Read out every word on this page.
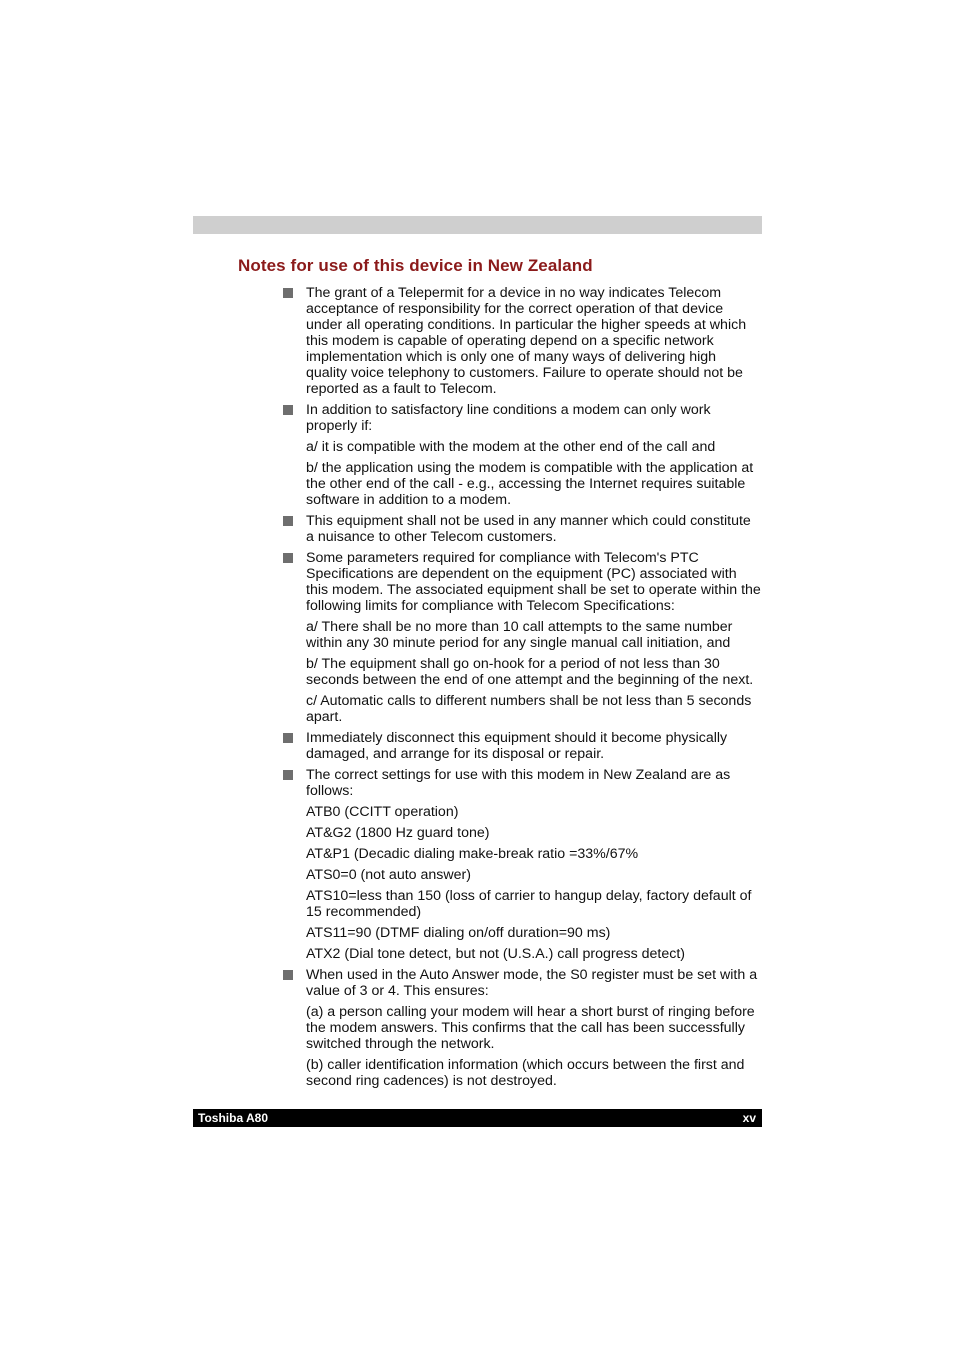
Notes for use of this device in New Zealand
The grant of a Telepermit for a device in no way indicates Telecom acceptance of responsibility for the correct operation of that device under all operating conditions. In particular the higher speeds at which this modem is capable of operating depend on a specific network implementation which is only one of many ways of delivering high quality voice telephony to customers. Failure to operate should not be reported as a fault to Telecom.
In addition to satisfactory line conditions a modem can only work properly if:
a/ it is compatible with the modem at the other end of the call and
b/ the application using the modem is compatible with the application at the other end of the call - e.g., accessing the Internet requires suitable software in addition to a modem.
This equipment shall not be used in any manner which could constitute a nuisance to other Telecom customers.
Some parameters required for compliance with Telecom's PTC Specifications are dependent on the equipment (PC) associated with this modem. The associated equipment shall be set to operate within the following limits for compliance with Telecom Specifications:
a/ There shall be no more than 10 call attempts to the same number within any 30 minute period for any single manual call initiation, and
b/ The equipment shall go on-hook for a period of not less than 30 seconds between the end of one attempt and the beginning of the next.
c/ Automatic calls to different numbers shall be not less than 5 seconds apart.
Immediately disconnect this equipment should it become physically damaged, and arrange for its disposal or repair.
The correct settings for use with this modem in New Zealand are as follows:
ATB0 (CCITT operation)
AT&G2 (1800 Hz guard tone)
AT&P1 (Decadic dialing make-break ratio =33%/67%
ATS0=0 (not auto answer)
ATS10=less than 150 (loss of carrier to hangup delay, factory default of 15 recommended)
ATS11=90 (DTMF dialing on/off duration=90 ms)
ATX2 (Dial tone detect, but not (U.S.A.) call progress detect)
When used in the Auto Answer mode, the S0 register must be set with a value of 3 or 4. This ensures:
(a) a person calling your modem will hear a short burst of ringing before the modem answers. This confirms that the call has been successfully switched through the network.
(b) caller identification information (which occurs between the first and second ring cadences) is not destroyed.
Toshiba A80	xv
